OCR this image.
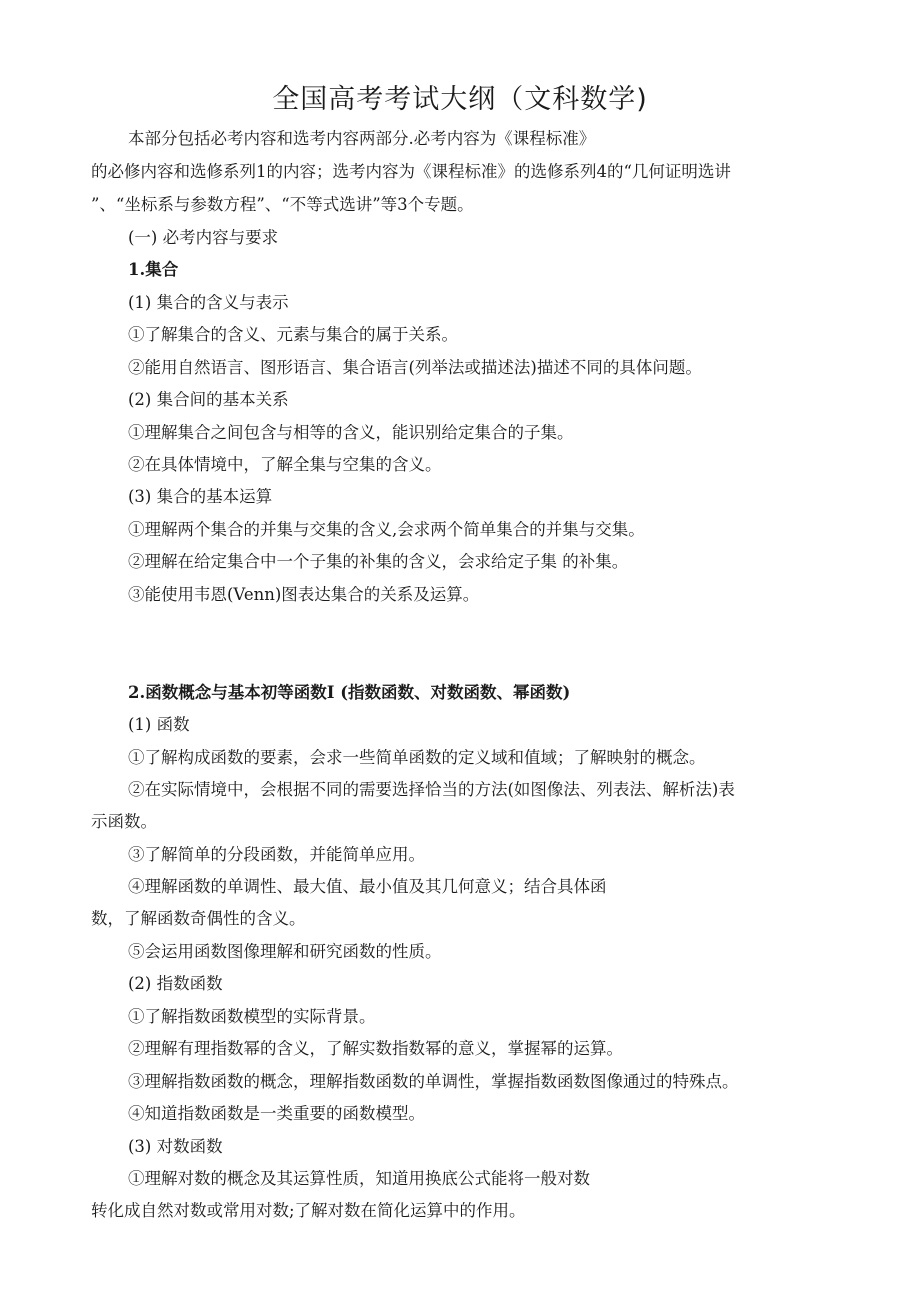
全国高考考试大纲（文科数学)
本部分包括必考内容和选考内容两部分.必考内容为《课程标准》
的必修内容和选修系列1的内容；选考内容为《课程标准》的选修系列4的“几何证明选讲
”、“坐标系与参数方程”、“不等式选讲”等3个专题。
(一) 必考内容与要求
1.集合
(1) 集合的含义与表示
①了解集合的含义、元素与集合的属于关系。
②能用自然语言、图形语言、集合语言(列举法或描述法)描述不同的具体问题。
(2) 集合间的基本关系
①理解集合之间包含与相等的含义，能识别给定集合的子集。
②在具体情境中，了解全集与空集的含义。
(3) 集合的基本运算
①理解两个集合的并集与交集的含义,会求两个简单集合的并集与交集。
②理解在给定集合中一个子集的补集的含义，会求给定子集 的补集。
③能使用韦恩(Venn)图表达集合的关系及运算。
2.函数概念与基本初等函数I (指数函数、对数函数、幂函数)
(1) 函数
①了解构成函数的要素，会求一些简单函数的定义域和值域；了解映射的概念。
②在实际情境中，会根据不同的需要选择恰当的方法(如图像法、列表法、解析法)表
示函数。
③了解简单的分段函数，并能简单应用。
④理解函数的单调性、最大值、最小值及其几何意义；结合具体函
数，了解函数奇偶性的含义。
⑤会运用函数图像理解和研究函数的性质。
(2) 指数函数
①了解指数函数模型的实际背景。
②理解有理指数幂的含义，了解实数指数幂的意义，掌握幂的运算。
③理解指数函数的概念，理解指数函数的单调性，掌握指数函数图像通过的特殊点。
④知道指数函数是一类重要的函数模型。
(3) 对数函数
①理解对数的概念及其运算性质，知道用换底公式能将一般对数
转化成自然对数或常用对数;了解对数在简化运算中的作用。
